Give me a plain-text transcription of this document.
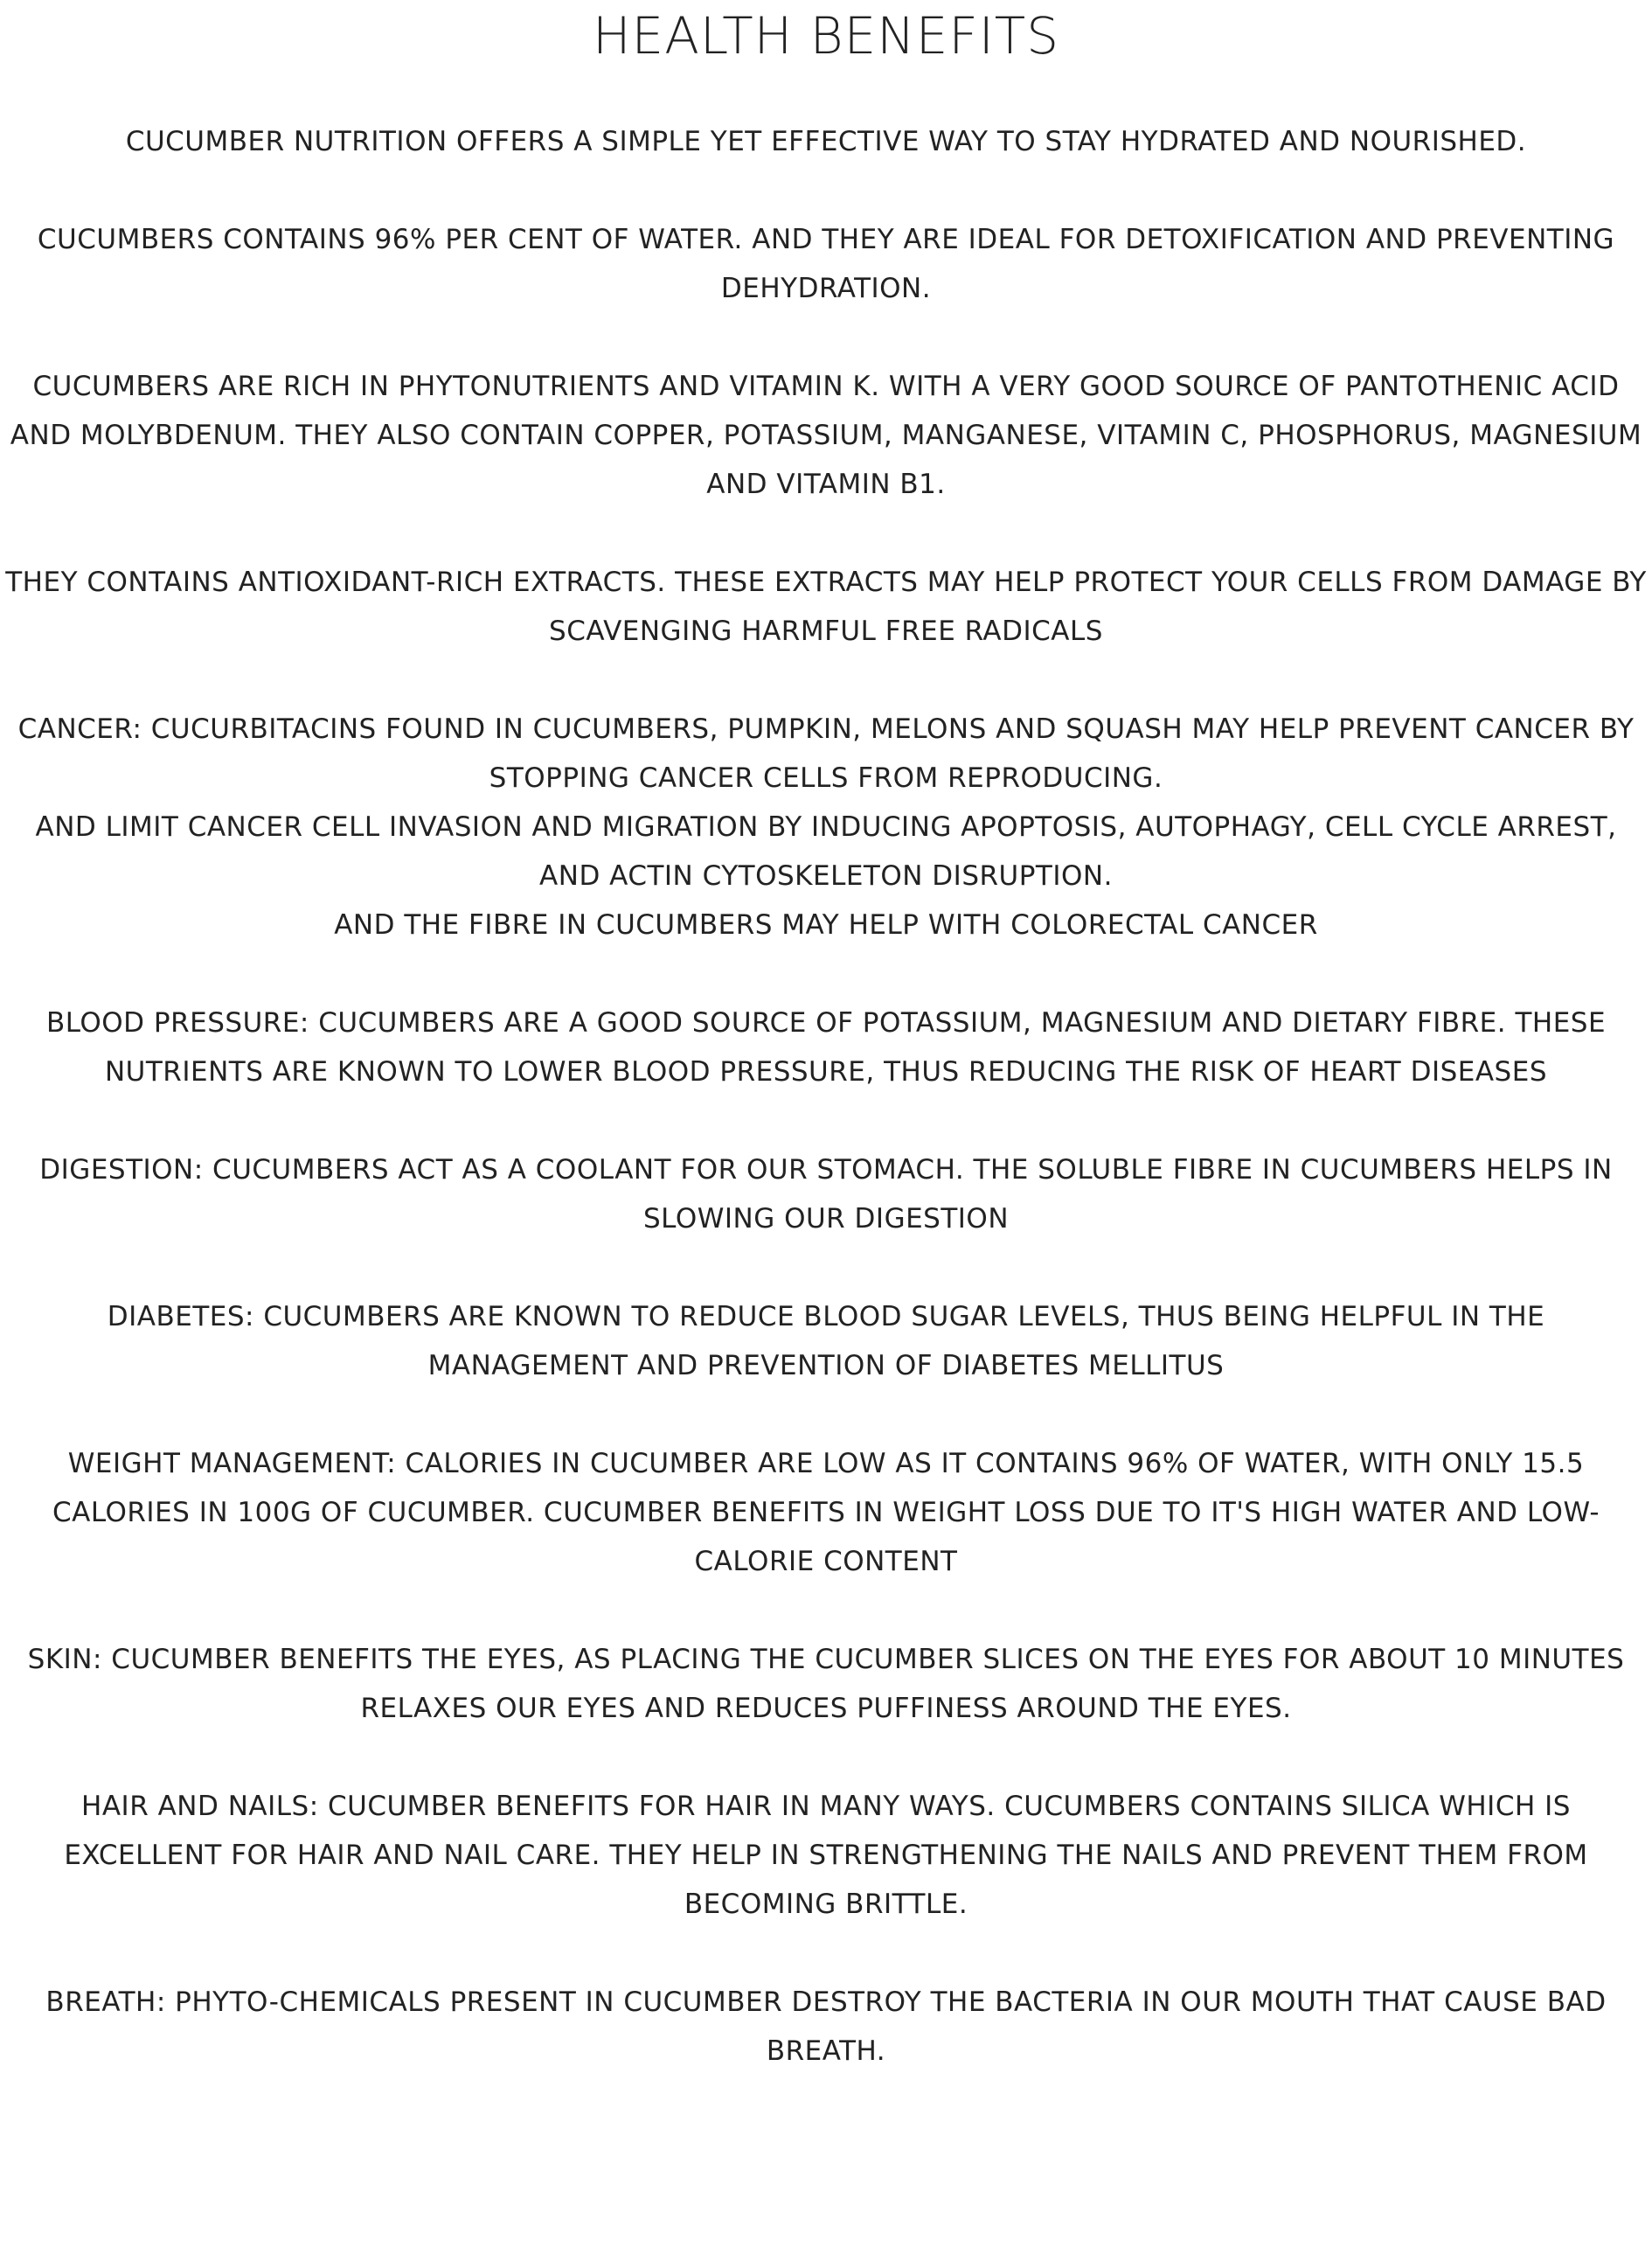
HEALTH BENEFITS

CUCUMBER NUTRITION OFFERS A SIMPLE YET EFFECTIVE WAY TO STAY HYDRATED AND NOURISHED.

CUCUMBERS CONTAINS 96% PER CENT OF WATER. AND THEY ARE IDEAL FOR DETOXIFICATION AND PREVENTING DEHYDRATION.

CUCUMBERS ARE RICH IN PHYTONUTRIENTS AND VITAMIN K. WITH A VERY GOOD SOURCE OF PANTOTHENIC ACID AND MOLYBDENUM. THEY ALSO CONTAIN COPPER, POTASSIUM, MANGANESE, VITAMIN C, PHOSPHORUS, MAGNESIUM AND VITAMIN B1.

THEY CONTAINS ANTIOXIDANT-RICH EXTRACTS. THESE EXTRACTS MAY HELP PROTECT YOUR CELLS FROM DAMAGE BY SCAVENGING HARMFUL FREE RADICALS

CANCER: CUCURBITACINS FOUND IN CUCUMBERS, PUMPKIN, MELONS AND SQUASH MAY HELP PREVENT CANCER BY STOPPING CANCER CELLS FROM REPRODUCING.

AND LIMIT CANCER CELL INVASION AND MIGRATION BY INDUCING APOPTOSIS, AUTOPHAGY, CELL CYCLE ARREST, AND ACTIN CYTOSKELETON DISRUPTION.

AND THE FIBRE IN CUCUMBERS MAY HELP WITH COLORECTAL CANCER

BLOOD PRESSURE: CUCUMBERS ARE A GOOD SOURCE OF POTASSIUM, MAGNESIUM AND DIETARY FIBRE. THESE NUTRIENTS ARE KNOWN TO LOWER BLOOD PRESSURE, THUS REDUCING THE RISK OF HEART DISEASES

DIGESTION: CUCUMBERS ACT AS A COOLANT FOR OUR STOMACH. THE SOLUBLE FIBRE IN CUCUMBERS HELPS IN SLOWING OUR DIGESTION

DIABETES: CUCUMBERS ARE KNOWN TO REDUCE BLOOD SUGAR LEVELS, THUS BEING HELPFUL IN THE MANAGEMENT AND PREVENTION OF DIABETES MELLITUS

WEIGHT MANAGEMENT: CALORIES IN CUCUMBER ARE LOW AS IT CONTAINS 96% OF WATER, WITH ONLY 15.5 CALORIES IN 100G OF CUCUMBER. CUCUMBER BENEFITS IN WEIGHT LOSS DUE TO IT'S HIGH WATER AND LOW-CALORIE CONTENT

SKIN: CUCUMBER BENEFITS THE EYES, AS PLACING THE CUCUMBER SLICES ON THE EYES FOR ABOUT 10 MINUTES RELAXES OUR EYES AND REDUCES PUFFINESS AROUND THE EYES.

HAIR AND NAILS: CUCUMBER BENEFITS FOR HAIR IN MANY WAYS. CUCUMBERS CONTAINS SILICA WHICH IS EXCELLENT FOR HAIR AND NAIL CARE. THEY HELP IN STRENGTHENING THE NAILS AND PREVENT THEM FROM BECOMING BRITTLE.

BREATH: PHYTO-CHEMICALS PRESENT IN CUCUMBER DESTROY THE BACTERIA IN OUR MOUTH THAT CAUSE BAD BREATH.
